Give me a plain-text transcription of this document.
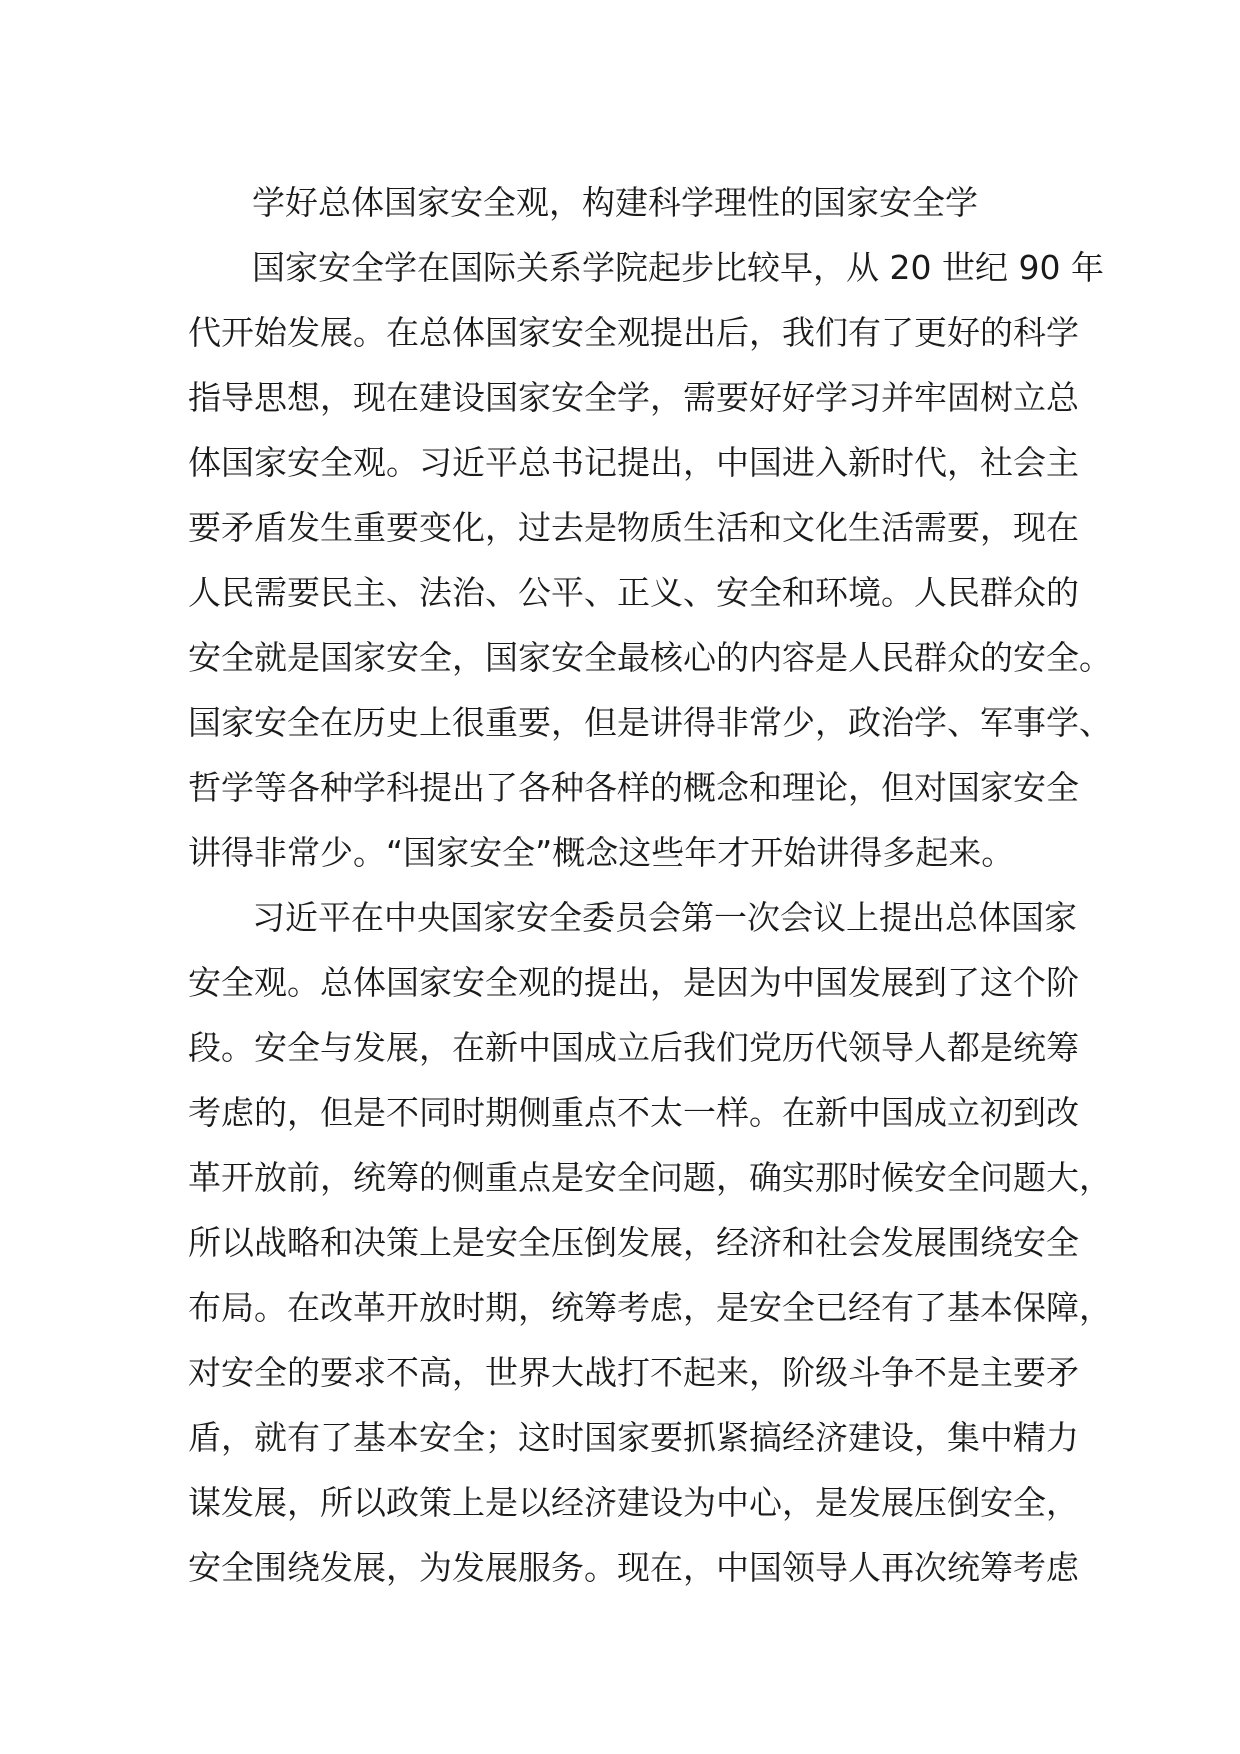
学好总体国家安全观，构建科学理性的国家安全学
国家安全学在国际关系学院起步比较早，从 20 世纪 90 年
代开始发展。在总体国家安全观提出后，我们有了更好的科学
指导思想，现在建设国家安全学，需要好好学习并牢固树立总
体国家安全观。习近平总书记提出，中国进入新时代，社会主
要矛盾发生重要变化，过去是物质生活和文化生活需要，现在
人民需要民主、法治、公平、正义、安全和环境。人民群众的
安全就是国家安全，国家安全最核心的内容是人民群众的安全。
国家安全在历史上很重要，但是讲得非常少，政治学、军事学、
哲学等各种学科提出了各种各样的概念和理论，但对国家安全
讲得非常少。“国家安全”概念这些年才开始讲得多起来。
习近平在中央国家安全委员会第一次会议上提出总体国家
安全观。总体国家安全观的提出，是因为中国发展到了这个阶
段。安全与发展，在新中国成立后我们党历代领导人都是统筹
考虑的，但是不同时期侧重点不太一样。在新中国成立初到改
革开放前，统筹的侧重点是安全问题，确实那时候安全问题大，
所以战略和决策上是安全压倒发展，经济和社会发展围绕安全
布局。在改革开放时期，统筹考虑，是安全已经有了基本保障，
对安全的要求不高，世界大战打不起来，阶级斗争不是主要矛
盾，就有了基本安全；这时国家要抓紧搞经济建设，集中精力
谋发展，所以政策上是以经济建设为中心，是发展压倒安全，
安全围绕发展，为发展服务。现在，中国领导人再次统筹考虑
